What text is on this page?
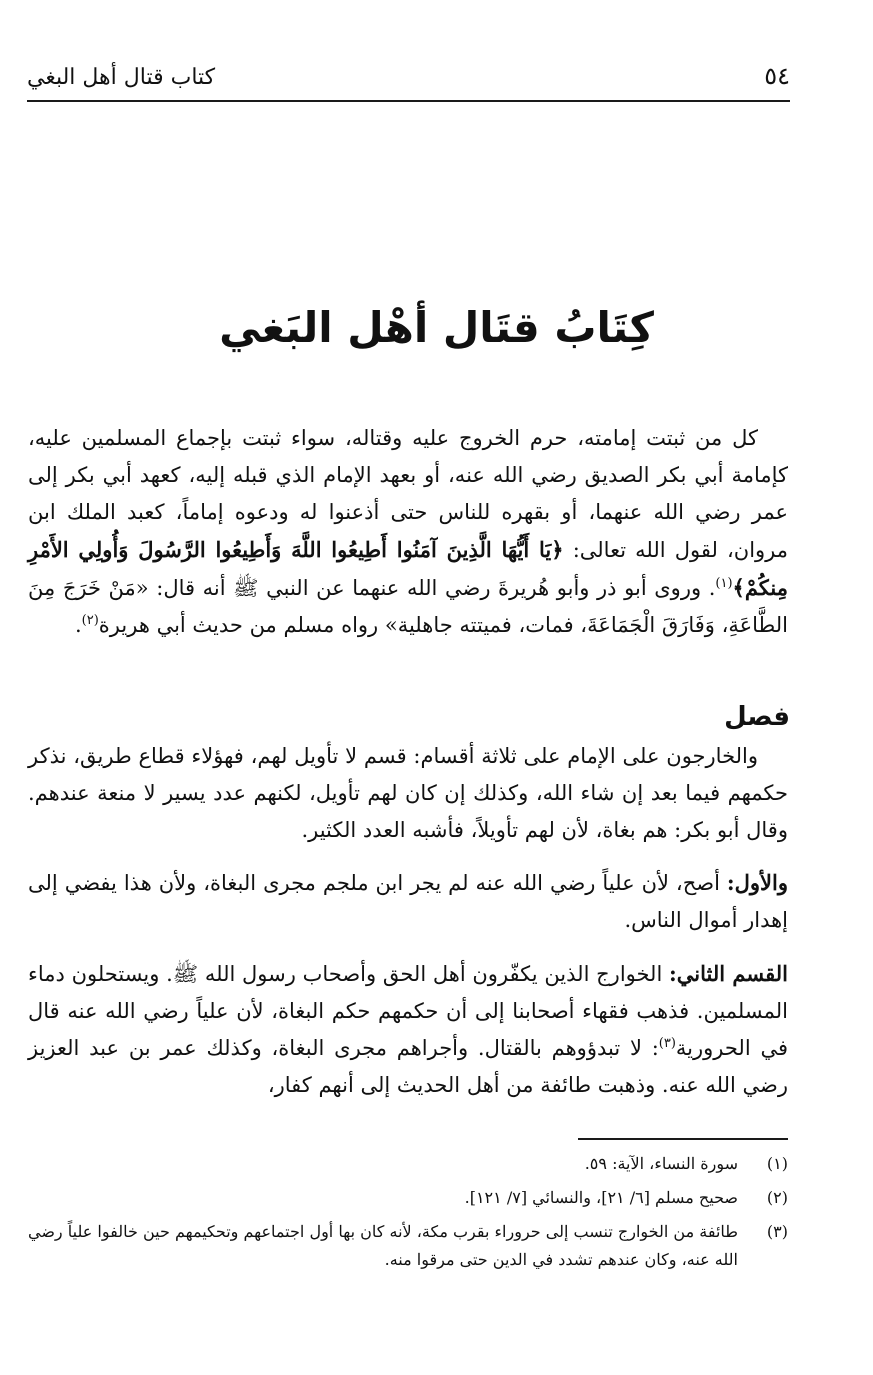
٥٤
كتاب قتال أهل البغي
كِتَابُ قتَال أهْل البَغي

كل من ثبتت إمامته، حرم الخروج عليه وقتاله، سواء ثبتت بإجماع المسلمين عليه، كإمامة أبي بكر الصديق رضي الله عنه، أو بعهد الإمام الذي قبله إليه، كعهد أبي بكر إلى عمر رضي الله عنهما، أو بقهره للناس حتى أذعنوا له ودعوه إماماً، كعبد الملك ابن مروان، لقول الله تعالى: ﴿يَا أَيُّهَا الَّذِينَ آمَنُوا أَطِيعُوا اللَّهَ وَأَطِيعُوا الرَّسُولَ وَأُولِي الأَمْرِ مِنكُمْ﴾$^{(١)}$. وروى أبو ذر وأبو هُريرةَ رضي الله عنهما عن النبي ﷺ أنه قال: «مَنْ خَرَجَ مِنَ الطَّاعَةِ، وَفَارَقَ الْجَمَاعَةَ، فمات، فميتته جاهلية» رواه مسلم من حديث أبي هريرة$^{(٢)}$.

فصل

والخارجون على الإمام على ثلاثة أقسام: قسم لا تأويل لهم، فهؤلاء قطاع طريق، نذكر حكمهم فيما بعد إن شاء الله، وكذلك إن كان لهم تأويل، لكنهم عدد يسير لا منعة عندهم. وقال أبو بكر: هم بغاة، لأن لهم تأويلاً، فأشبه العدد الكثير.

والأول: أصح، لأن علياً رضي الله عنه لم يجر ابن ملجم مجرى البغاة، ولأن هذا يفضي إلى إهدار أموال الناس.

القسم الثاني: الخوارج الذين يكفّرون أهل الحق وأصحاب رسول الله ﷺ. ويستحلون دماء المسلمين. فذهب فقهاء أصحابنا إلى أن حكمهم حكم البغاة، لأن علياً رضي الله عنه قال في الحرورية$^{(٣)}$: لا تبدؤوهم بالقتال. وأجراهم مجرى البغاة، وكذلك عمر بن عبد العزيز رضي الله عنه. وذهبت طائفة من أهل الحديث إلى أنهم كفار،

(١)
سورة النساء، الآية: ٥٩.
(٢)
صحيح مسلم [٦/ ٢١]، والنسائي [٧/ ١٢١].
(٣)
طائفة من الخوارج تنسب إلى حروراء بقرب مكة، لأنه كان بها أول اجتماعهم وتحكيمهم حين خالفوا علياً رضي الله عنه، وكان عندهم تشدد في الدين حتى مرقوا منه.
